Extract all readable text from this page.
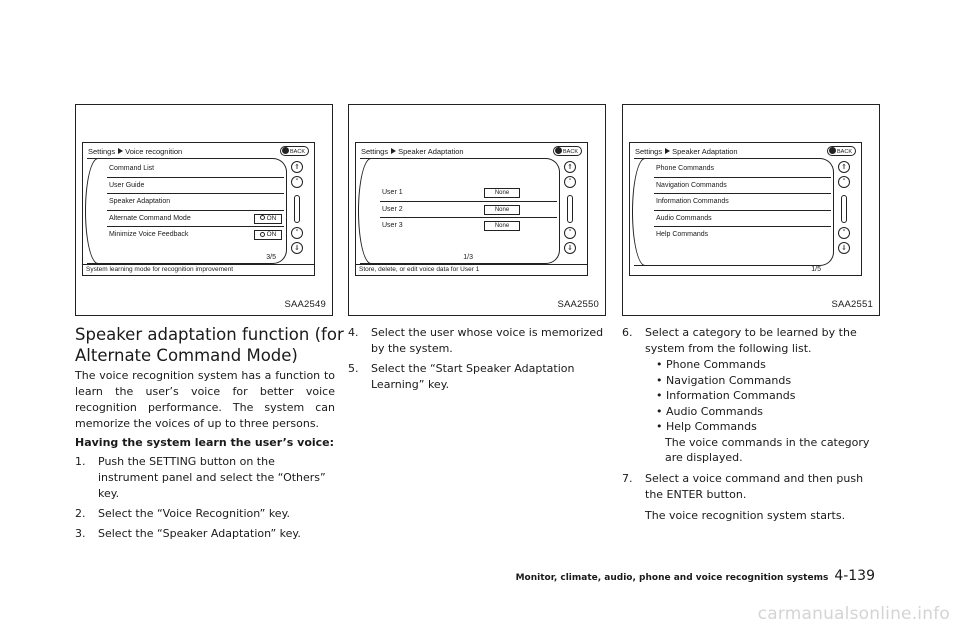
Settings Voice recognition	BACK
Command List
User Guide
Speaker Adaptation
Alternate Command Mode	ON
Minimize Voice Feedback	ON
⇑
˄
˅
⇓
3/5
System learning mode for recognition improvement
SAA2549
Settings Speaker Adaptation	BACK
User 1	None
User 2	None
User 3	None
⇑
˄
˅
⇓
1/3
Store, delete, or edit voice data for User 1
SAA2550
Settings Speaker Adaptation	BACK
Phone Commands
Navigation Commands
Information Commands
Audio Commands
Help Commands
⇑
˄
˅
⇓
1/5
SAA2551
Speaker adaptation function (for Alternate Command Mode)

The voice recognition system has a function to learn the user’s voice for better voice recognition performance. The system can memorize the voices of up to three persons.

Having the system learn the user’s voice:

1. Push the SETTING button on the instrument panel and select the “Others” key.
2. Select the “Voice Recognition” key.
3. Select the “Speaker Adaptation” key.
4. Select the user whose voice is memorized by the system.
5. Select the “Start Speaker Adaptation Learning” key.
6. Select a category to be learned by the system from the following list.
• Phone Commands
• Navigation Commands
• Information Commands
• Audio Commands
• Help Commands
The voice commands in the category are displayed.
7. Select a voice command and then push the ENTER button.
The voice recognition system starts.
Monitor, climate, audio, phone and voice recognition systems 4-139
carmanualsonline.info
